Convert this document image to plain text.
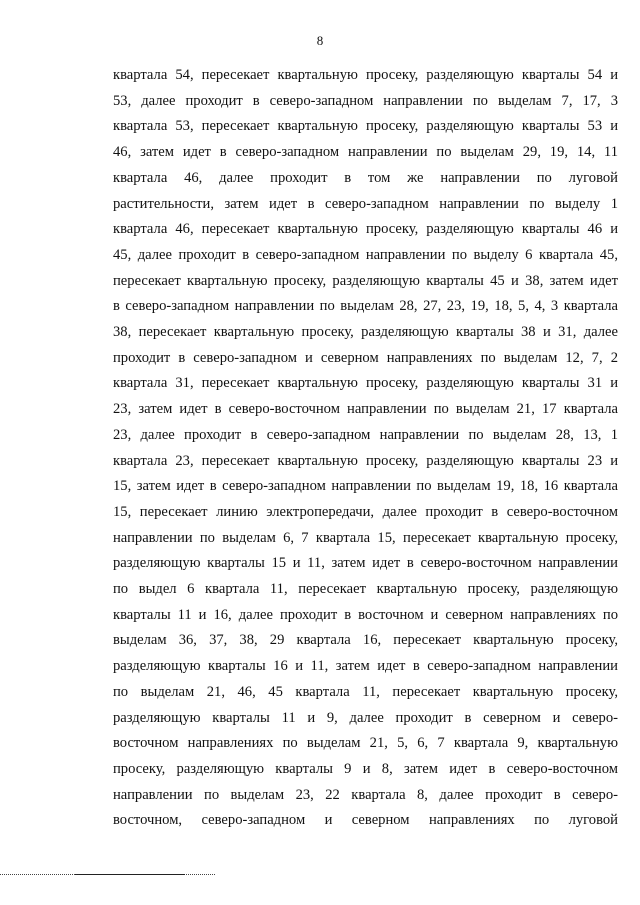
8
квартала 54, пересекает квартальную просеку, разделяющую кварталы 54 и
53, далее проходит в северо-западном направлении по выделам 7, 17, 3
квартала 53, пересекает квартальную просеку, разделяющую кварталы 53 и
46, затем идет в северо-западном направлении по выделам 29, 19, 14, 11
квартала 46, далее проходит в том же направлении по луговой
растительности, затем идет в северо-западном направлении по выделу 1
квартала 46, пересекает квартальную просеку, разделяющую кварталы 46 и
45, далее проходит в северо-западном направлении по выделу 6 квартала 45,
пересекает квартальную просеку, разделяющую кварталы 45 и 38, затем идет
в северо-западном направлении по выделам 28, 27, 23, 19, 18, 5, 4, 3 квартала
38, пересекает квартальную просеку, разделяющую кварталы 38 и 31, далее
проходит в северо-западном и северном направлениях по выделам 12, 7, 2
квартала 31, пересекает квартальную просеку, разделяющую кварталы 31 и
23, затем идет в северо-восточном направлении по выделам 21, 17 квартала
23, далее проходит в северо-западном направлении по выделам 28, 13, 1
квартала 23, пересекает квартальную просеку, разделяющую кварталы 23 и
15, затем идет в северо-западном направлении по выделам 19, 18, 16 квартала
15, пересекает линию электропередачи, далее проходит в северо-восточном
направлении по выделам 6, 7 квартала 15, пересекает квартальную просеку,
разделяющую кварталы 15 и 11, затем идет в северо-восточном направлении
по выдел 6 квартала 11, пересекает квартальную просеку, разделяющую
кварталы 11 и 16, далее проходит в восточном и северном направлениях по
выделам 36, 37, 38, 29 квартала 16, пересекает квартальную просеку,
разделяющую кварталы 16 и 11, затем идет в северо-западном направлении
по выделам 21, 46, 45 квартала 11, пересекает квартальную просеку,
разделяющую кварталы 11 и 9, далее проходит в северном и северо-
восточном направлениях по выделам 21, 5, 6, 7 квартала 9, квартальную
просеку, разделяющую кварталы 9 и 8, затем идет в северо-восточном
направлении по выделам 23, 22 квартала 8, далее проходит в северо-
восточном, северо-западном и северном направлениях по луговой
